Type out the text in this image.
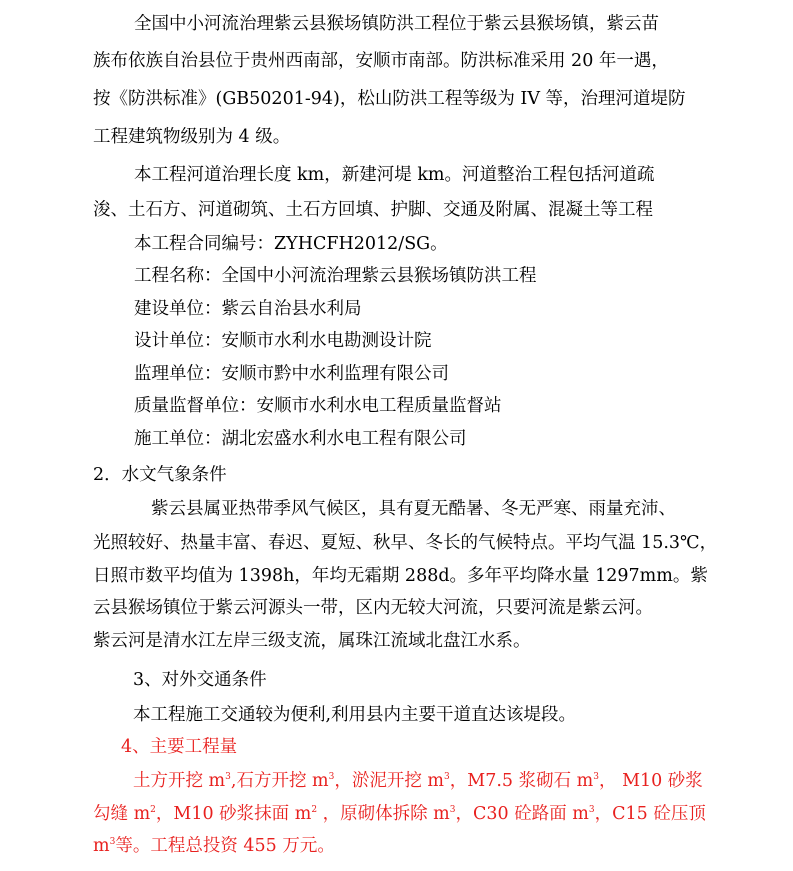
全国中小河流治理紫云县猴场镇防洪工程位于紫云县猴场镇，紫云苗
族布依族自治县位于贵州西南部，安顺市南部。防洪标准采用 20 年一遇，
按《防洪标准》(GB50201-94)，松山防洪工程等级为 IV 等，治理河道堤防
工程建筑物级别为 4 级。
本工程河道治理长度 km，新建河堤 km。河道整治工程包括河道疏
浚、土石方、河道砌筑、土石方回填、护脚、交通及附属、混凝土等工程
本工程合同编号：ZYHCFH2012/SG。
工程名称：全国中小河流治理紫云县猴场镇防洪工程
建设单位：紫云自治县水利局
设计单位：安顺市水利水电勘测设计院
监理单位：安顺市黔中水利监理有限公司
质量监督单位：安顺市水利水电工程质量监督站
施工单位：湖北宏盛水利水电工程有限公司
2．水文气象条件
紫云县属亚热带季风气候区，具有夏无酷暑、冬无严寒、雨量充沛、
光照较好、热量丰富、春迟、夏短、秋早、冬长的气候特点。平均气温 15.3℃，
日照市数平均值为 1398h，年均无霜期 288d。多年平均降水量 1297mm。紫
云县猴场镇位于紫云河源头一带，区内无较大河流，只要河流是紫云河。
紫云河是清水江左岸三级支流，属珠江流域北盘江水系。
3、对外交通条件
本工程施工交通较为便利,利用县内主要干道直达该堤段。
4、主要工程量
土方开挖 $m^3$,石方开挖 $m^3$，淤泥开挖 $m^3$，M7.5 浆砌石 $m^3$， M10 砂浆
勾缝 $m^2$，M10 砂浆抹面 $m^2$ ，原砌体拆除 $m^3$，C30 砼路面 $m^3$，C15 砼压顶
$m^3$等。工程总投资 455 万元。
